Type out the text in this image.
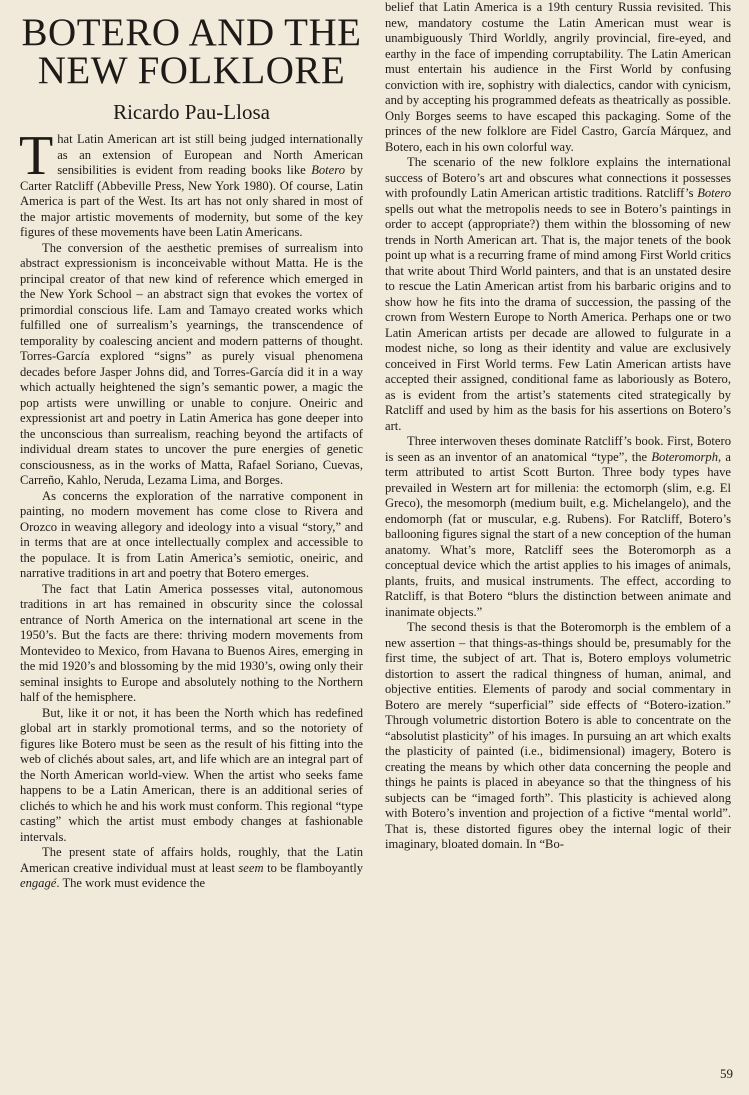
BOTERO AND THE
NEW FOLKLORE
Ricardo Pau-Llosa

That Latin American art ist still being judged internationally as an extension of European and North American sensibilities is evident from reading books like Botero by Carter Ratcliff (Abbeville Press, New York 1980). Of course, Latin America is part of the West. Its art has not only shared in most of the major artistic movements of modernity, but some of the key figures of these movements have been Latin Americans.

The conversion of the aesthetic premises of surrealism into abstract expressionism is inconceivable without Matta. He is the principal creator of that new kind of reference which emerged in the New York School – an abstract sign that evokes the vortex of primordial conscious life. Lam and Tamayo created works which fulfilled one of surrealism’s yearnings, the transcendence of temporality by coalescing ancient and modern patterns of thought. Torres-García explored “signs” as purely visual phenomena decades before Jasper Johns did, and Torres-García did it in a way which actually heightened the sign’s semantic power, a magic the pop artists were unwilling or unable to conjure. Oneiric and expressionist art and poetry in Latin America has gone deeper into the unconscious than surrealism, reaching beyond the artifacts of individual dream states to uncover the pure energies of genetic consciousness, as in the works of Matta, Rafael Soriano, Cuevas, Carreño, Kahlo, Neruda, Lezama Lima, and Borges.

As concerns the exploration of the narrative component in painting, no modern movement has come close to Rivera and Orozco in weaving allegory and ideology into a visual “story,” and in terms that are at once intellectually complex and accessible to the populace. It is from Latin America’s semiotic, oneiric, and narrative traditions in art and poetry that Botero emerges.

The fact that Latin America possesses vital, autonomous traditions in art has remained in obscurity since the colossal entrance of North America on the international art scene in the 1950’s. But the facts are there: thriving modern movements from Montevideo to Mexico, from Havana to Buenos Aires, emerging in the mid 1920’s and blossoming by the mid 1930’s, owing only their seminal insights to Europe and absolutely nothing to the Northern half of the hemisphere.

But, like it or not, it has been the North which has redefined global art in starkly promotional terms, and so the notoriety of figures like Botero must be seen as the result of his fitting into the web of clichés about sales, art, and life which are an integral part of the North American world-view. When the artist who seeks fame happens to be a Latin American, there is an additional series of clichés to which he and his work must conform. This regional “type casting” which the artist must embody changes at fashionable intervals.

The present state of affairs holds, roughly, that the Latin American creative individual must at least seem to be flamboyantly engagé. The work must evidence the

belief that Latin America is a 19th century Russia revisited. This new, mandatory costume the Latin American must wear is unambiguously Third Worldly, angrily provincial, fire-eyed, and earthy in the face of impending corruptability. The Latin American must entertain his audience in the First World by confusing conviction with ire, sophistry with dialectics, candor with cynicism, and by accepting his programmed defeats as theatrically as possible. Only Borges seems to have escaped this packaging. Some of the princes of the new folklore are Fidel Castro, García Márquez, and Botero, each in his own colorful way.

The scenario of the new folklore explains the international success of Botero’s art and obscures what connections it possesses with profoundly Latin American artistic traditions. Ratcliff’s Botero spells out what the metropolis needs to see in Botero’s paintings in order to accept (appropriate?) them within the blossoming of new trends in North American art. That is, the major tenets of the book point up what is a recurring frame of mind among First World critics that write about Third World painters, and that is an unstated desire to rescue the Latin American artist from his barbaric origins and to show how he fits into the drama of succession, the passing of the crown from Western Europe to North America. Perhaps one or two Latin American artists per decade are allowed to fulgurate in a modest niche, so long as their identity and value are exclusively conceived in First World terms. Few Latin American artists have accepted their assigned, conditional fame as laboriously as Botero, as is evident from the artist’s statements cited strategically by Ratcliff and used by him as the basis for his assertions on Botero’s art.

Three interwoven theses dominate Ratcliff’s book. First, Botero is seen as an inventor of an anatomical “type”, the Boteromorph, a term attributed to artist Scott Burton. Three body types have prevailed in Western art for millenia: the ectomorph (slim, e.g. El Greco), the mesomorph (medium built, e.g. Michelangelo), and the endomorph (fat or muscular, e.g. Rubens). For Ratcliff, Botero’s ballooning figures signal the start of a new conception of the human anatomy. What’s more, Ratcliff sees the Boteromorph as a conceptual device which the artist applies to his images of animals, plants, fruits, and musical instruments. The effect, according to Ratcliff, is that Botero “blurs the distinction between animate and inanimate objects.”

The second thesis is that the Boteromorph is the emblem of a new assertion – that things-as-things should be, presumably for the first time, the subject of art. That is, Botero employs volumetric distortion to assert the radical thingness of human, animal, and objective entities. Elements of parody and social commentary in Botero are merely “superficial” side effects of “Botero-ization.” Through volumetric distortion Botero is able to concentrate on the “absolutist plasticity” of his images. In pursuing an art which exalts the plasticity of painted (i.e., bidimensional) imagery, Botero is creating the means by which other data concerning the people and things he paints is placed in abeyance so that the thingness of his subjects can be “imaged forth”. This plasticity is achieved along with Botero’s invention and projection of a fictive “mental world”. That is, these distorted figures obey the internal logic of their imaginary, bloated domain. In “Bo-

59
